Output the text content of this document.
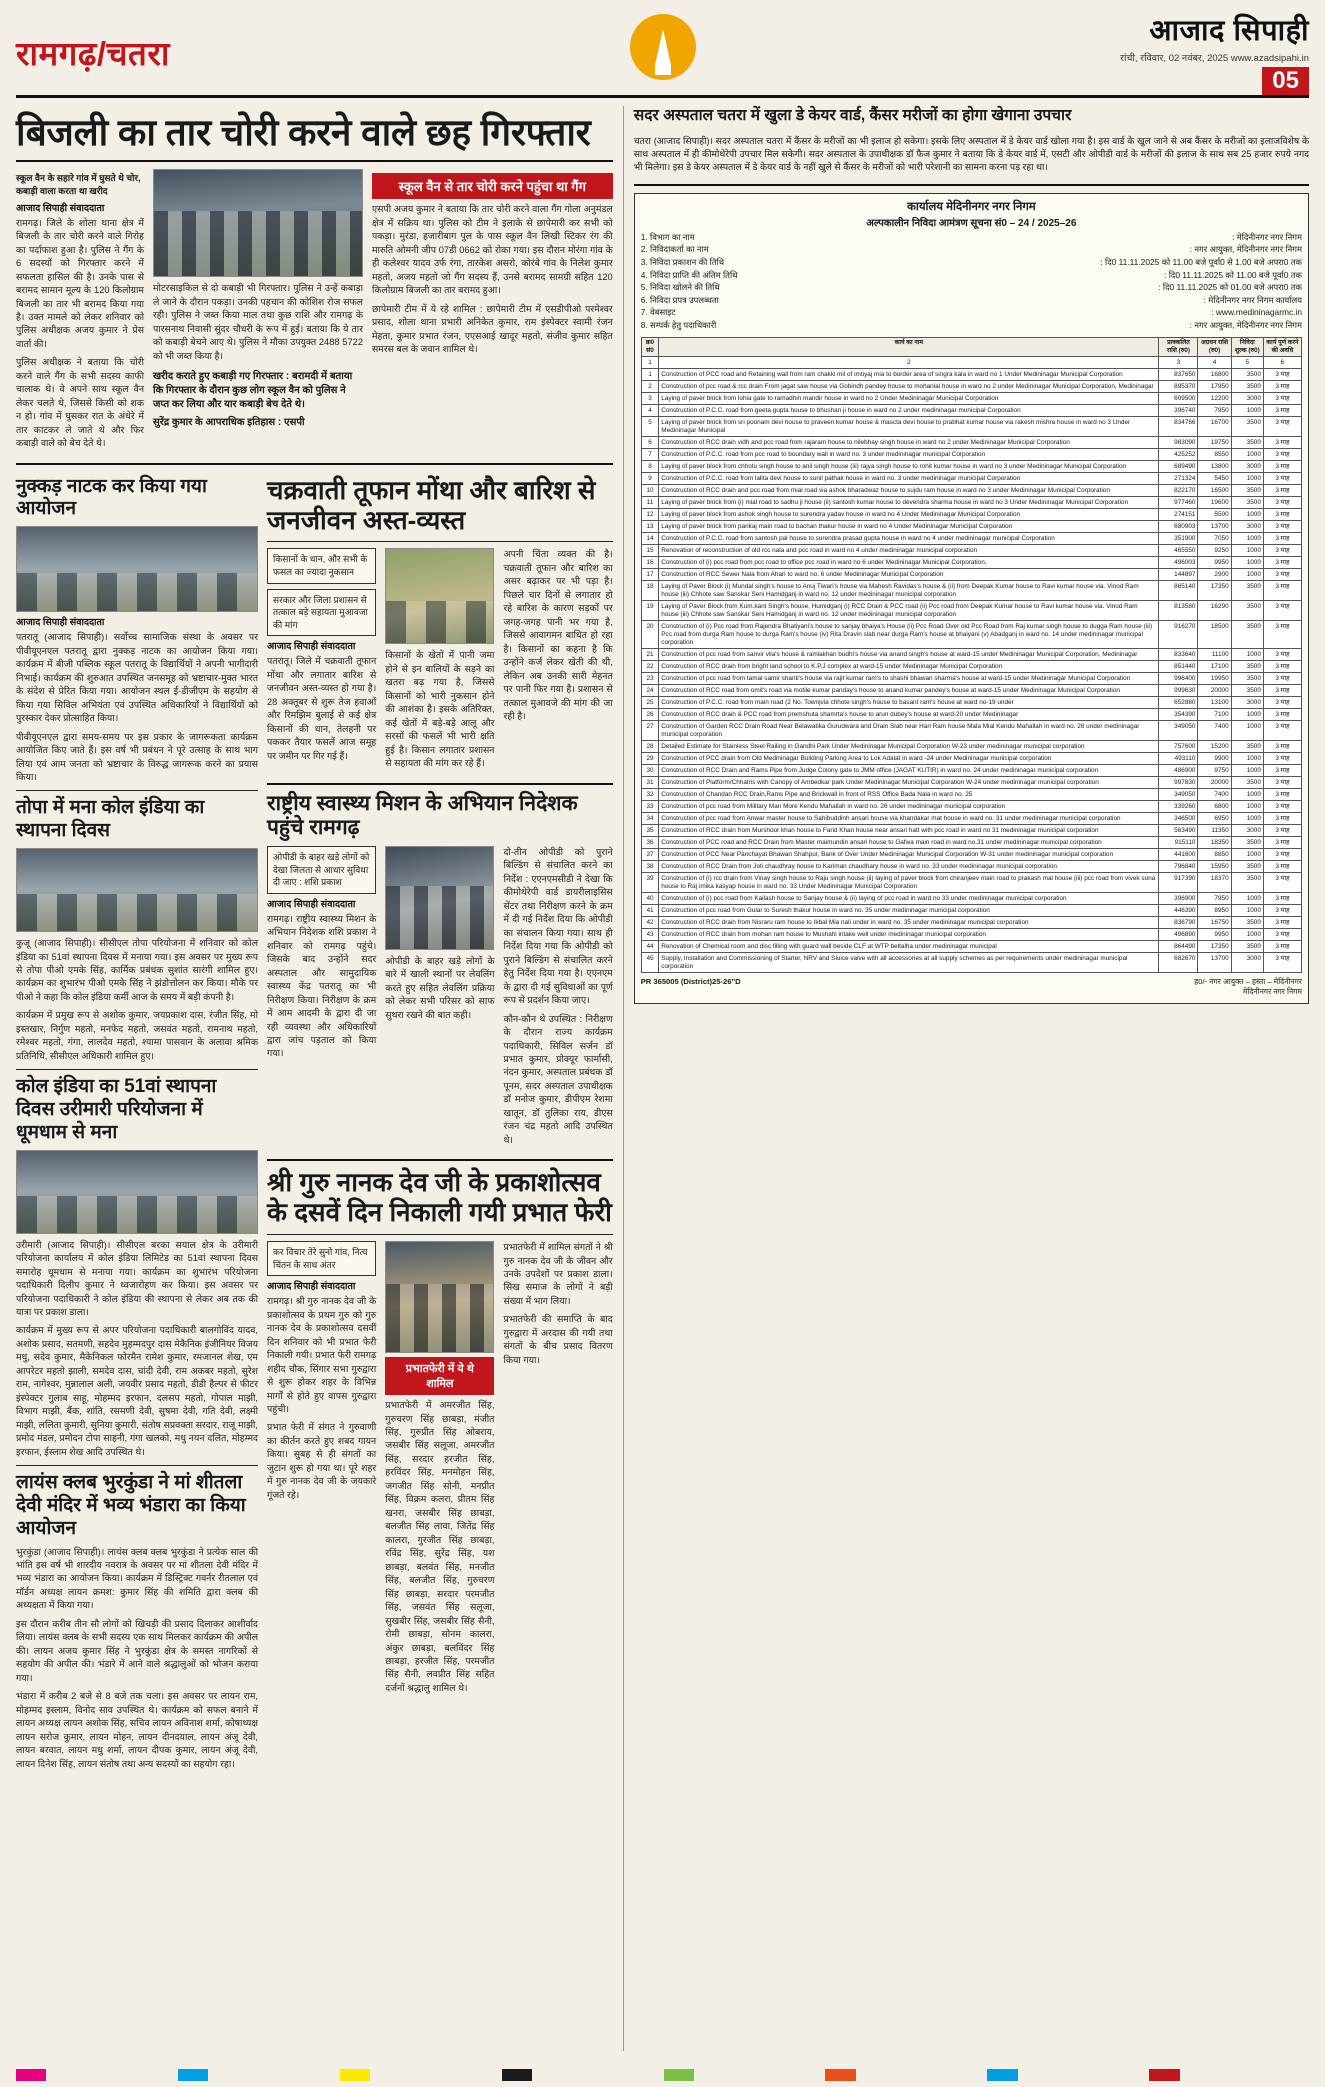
रामगढ़/चतरा
आजाद सिपाही
रांची, रविवार, 02 नवंबर, 2025 www.azadsipahi.in
05
बिजली का तार चोरी करने वाले छह गिरफ्तार
स्कूल वैन के सहारे गांव में घुसते थे चोर, कबाड़ी वाला करता था खरीद
आजाद सिपाही संवाददाता

रामगढ़। जिले के शोला थाना क्षेत्र में बिजली के तार चोरी करने वाले गिरोह का पर्दाफाश हुआ है। पुलिस ने गैंग के 6 सदस्यों को गिरफ्तार करने में सफलता हासिल की है। उनके पास से बरामद सामान मूल्य के 120 किलोग्राम बिजली का तार भी बरामद किया गया है। उक्त मामले को लेकर शनिवार को पुलिस अधीक्षक अजय कुमार ने प्रेस वार्ता की।

पुलिस अधीक्षक ने बताया कि चोरी करने वाले गैंग के सभी सदस्य काफी चालाक थे। वे अपने साथ स्कूल वैन लेकर चलते थे, जिससे किसी को शक न हो। गांव में घुसकर रात के अंधेरे में तार काटकर ले जाते थे और फिर कबाड़ी वाले को बेच देते थे।

मोटरसाइकिल से दो कबाड़ी भी गिरफ्तार। पुलिस ने उन्हें कबाड़ा ले जाने के दौरान पकड़ा। उनकी पहचान की कोशिश रोज सफल रही। पुलिस ने जब्त किया माल तथा कुछ राशि और रामगढ़ के पारसनाथ निवासी सुंदर चौधरी के रूप में हुई। बताया कि ये तार को कबाड़ी बेचने आए थे। पुलिस ने मौका उपयुक्त 2488 5722 को भी जब्त किया है।

खरीद कराते हुए कबाड़ी गए गिरफ्तार : बरामदी में बताया कि गिरफ्तार के दौरान कुछ लोग स्कूल वैन को पुलिस ने जप्त कर लिया और यार कबाड़ी बेच देते थे।
सुरेंद्र कुमार के आपराधिक इतिहास : एसपी
स्कूल वैन से तार चोरी करने पहुंचा था गैंग

एसपी अजय कुमार ने बताया कि तार चोरी करने वाला गैंग गोला अनुमंडल क्षेत्र में सक्रिय था। पुलिस को टीम ने इलाके से छापेमारी कर सभी को पकड़ा। मुरंडा, हजारीबाग पुल के पास स्कूल वैन लिखी स्टिकर रंग की मारुति ओमनी जीप 07डी 0662 को रोका गया। इस दौरान मोरंगा गांव के ही कलेश्वर यादव उर्फ रंगा, तारकेश असरो, कोरंबे गांव के निलेश कुमार महतो, अजय महतो जो गैंग सदस्य हैं, उनसे बरामद सामग्री सहित 120 किलोग्राम बिजली का तार बरामद हुआ।

छापेमारी टीम में ये रहे शामिल : छापेमारी टीम में एसडीपीओ परमेश्वर प्रसाद, शोला थाना प्रभारी अनिकेत कुमार, राम इंस्पेक्टर स्वामी रंजन मेहता, कुमार प्रभात रंजन, एएसआई खादूर महतो, संजीव कुमार सहित समरस बल के जवान शामिल थे।

नुक्कड़ नाटक कर किया गया आयोजन
आजाद सिपाही संवाददाता

पतरातू (आजाद सिपाही)। सर्वोच्च सामाजिक संस्था के अवसर पर पीवीयूएनएल पतरातू द्वारा नुक्कड़ नाटक का आयोजन किया गया। कार्यक्रम में बीजी पब्लिक स्कूल पतरातू के विद्यार्थियों ने अपनी भागीदारी निभाई। कार्यक्रम की शुरुआत उपस्थित जनसमूह को भ्रष्टाचार-मुक्त भारत के संदेश से प्रेरित किया गया। आयोजन स्थल ई-डीजीएम के सहयोग से किया गया सिविल अभियंता एवं उपस्थित अधिकारियों ने विद्यार्थियों को पुरस्कार देकर प्रोत्साहित किया।

पीवीयूएनएल द्वारा समय-समय पर इस प्रकार के जागरूकता कार्यक्रम आयोजित किए जाते हैं। इस वर्ष भी प्रबंधन ने पूरे उत्साह के साथ भाग लिया एवं आम जनता को भ्रष्टाचार के विरुद्ध जागरूक करने का प्रयास किया।

तोपा में मना कोल इंडिया का स्थापना दिवस

कुजू (आजाद सिपाही)। सीसीएल तोपा परियोजना में शनिवार को कोल इंडिया का 51वां स्थापना दिवस में मनाया गया। इस अवसर पर मुख्य रूप से तोपा पीओ एमके सिंह, कार्मिक प्रबंधक सुशांत सारंगी शामिल हुए। कार्यक्रम का शुभारंभ पीओ एमके सिंह ने झंडोत्तोलन कर किया। मौके पर पीओ ने कहा कि कोल इंडिया कर्मी आज के समय में बड़ी कंपनी है।

कार्यक्रम में प्रमुख रूप से अशोक कुमार, जयप्रकाश दास, रंजीत सिंह, मो इस्तखार, निर्गुण महतो, मनफेद महतो, जसवंत महतो, रामनाथ महतो, रमेश्वर महतो, गंगा, लालदेव महतो, श्यामा पासवान के अलावा श्रमिक प्रतिनिधि, सीसीएल अधिकारी शामिल हुए।

कोल इंडिया का 51वां स्थापना दिवस उरीमारी परियोजना में धूमधाम से मना

उरीमारी (आजाद सिपाही)। सीसीएल बरका सयाल क्षेत्र के उरीमारी परियोजना कार्यालय में कोल इंडिया लिमिटेड का 51वां स्थापना दिवस समारोह धूमधाम से मनाया गया। कार्यक्रम का शुभारंभ परियोजना पदाधिकारी दिलीप कुमार ने ध्वजारोहण कर किया। इस अवसर पर परियोजना पदाधिकारी ने कोल इंडिया की स्थापना से लेकर अब तक की यात्रा पर प्रकाश डाला।

कार्यक्रम में मुख्य रूप से अपर परियोजना पदाधिकारी बालगोविंद यादव, अशोक प्रसाद, सतमणी, सहदेव मुहम्मदपुर दास मेकैनिक इंजीनियर विजय मधु, सदेव कुमार, मैकेनिकल फोरमैन रामेश कुमार, रमजानल शेख, एम आपरेटर महतो झाली, समदेव दास, चांदी देवी, राम अकबर महतो, सुरेश राम, नागेश्वर, मुन्नालाल अली, जयवीर प्रसाद महतो, डीडी हैल्पर से फीटर इंस्पेक्टर गुलाब साहू, मोहम्मद इरफान, दलसप महतो, गोपाल माझी, विभाग माझी, बैंक, शांति, रसमणी देवी, सुषमा देवी, गति देवी, लक्ष्मी माझी, ललिता कुमारी, सुनिया कुमारी, संतोष सप्रवक्ता सरदार, राजू माझी, प्रमोद मंडल, प्रमोदन टोपा साहनी, गंगा खलको, मधु नयन दलित, मोहम्मद इरफान, ईस्लाम शेख आदि उपस्थित थे।

लायंस क्लब भुरकुंडा ने मां शीतला देवी मंदिर में भव्य भंडारा का किया आयोजन

भुरकुंडा (आजाद सिपाही)। लायंस क्लब क्लब भुरकुंडा ने प्रत्येक साल की भांति इस वर्ष भी शारदीय नवरात्र के अवसर पर मां शीतला देवी मंदिर में भव्य भंडारा का आयोजन किया। कार्यक्रम में डिस्ट्रिक्ट गवर्नर रीतलाल एवं मॉर्डन अध्यक्ष लायन क्रमश: कुमार सिंह की शमिति द्वारा क्लब की अध्यक्षता में किया गया।

इस दौरान करीब तीन सौ लोगों को खिचड़ी की प्रसाद दिलाकर आशीर्वाद लिया। लायंस क्लब के सभी सदस्य एक साथ मिलकर कार्यक्रम की अपील की। लायन अजय कुमार सिंह ने भुरकुंडा क्षेत्र के समस्त नागरिकों से सहयोग की अपील की। भंडारे में आने वाले श्रद्धालुओं को भोजन कराया गया।

भंडारा में करीब 2 बजे से 8 बजे तक चला। इस अवसर पर लायन राम, मोहम्मद इस्लाम, विनोद साव उपस्थित थे। कार्यक्रम को सफल बनाने में लायन अध्यक्ष लायन अशोक सिंह, सचिव लायन अविनाश शर्मा, कोषाध्यक्ष लायन सरोज कुमार, लायन मोहन, लायन दीनदयाल, लायन अंजू देवी, लायन बरवात, लायन मधु शर्मा, लायन दीपक कुमार, लायन अंजू देवी, लायन दिनेश सिंह, लायन संतोष तथा अन्य सदस्यों का सहयोग रहा।

चक्रवाती तूफान मोंथा और बारिश से जनजीवन अस्त-व्यस्त
किसानों के धान, और सभी के फसल का ज्यादा नुकसान
सरकार और जिला प्रशासन से तत्काल बड़े सहायता मुआवजा की मांग
आजाद सिपाही संवाददाता

पतरातू। जिले में चक्रवाती तूफान मोंथा और लगातार बारिश से जनजीवन अस्त-व्यस्त हो गया है। 28 अक्तूबर से शुरू तेज हवाओं और रिमझिम बुलाई से कई क्षेत्र किसानों की धान, तेलहनी पर पककर तैयार फसलें आज समूह पर जमीन पर गिर गई हैं।

किसानों के खेतों में पानी जमा होने से इन बालियों के सड़ने का खतरा बढ़ गया है, जिससे किसानों को भारी नुकसान होने की आशंका है। इसके अतिरिक्त, कई खेतों में बड़े-बड़े आलू और सरसों की फसलें भी भारी क्षति हुई है। किसान लगातार प्रशासन से सहायता की मांग कर रहे हैं।

अपनी चिंता व्यक्त की है। चक्रवाती तूफान और बारिश का असर बढ़ाकर पर भी पड़ा है। पिछले चार दिनों से लगातार हो रहे बारिश के कारण सड़कों पर जगह-जगह पानी भर गया है, जिससे आवागमन बाधित हो रहा है। किसानों का कहना है कि उन्होंने कर्ज लेकर खेती की थी, लेकिन अब उनकी सारी मेहनत पर पानी फिर गया है। प्रशासन से तत्काल मुआवजे की मांग की जा रही है।

राष्ट्रीय स्वास्थ्य मिशन के अभियान निदेशक पहुंचे रामगढ़
ओपीडी के बाहर खड़े लोगों को देखा जिलता से आधार सुविधा दी जाए : शशि प्रकाश
आजाद सिपाही संवाददाता

रामगढ़। राष्ट्रीय स्वास्थ्य मिशन के अभियान निदेशक शशि प्रकाश ने शनिवार को रामगढ़ पहुंचे। जिसके बाद उन्होंने सदर अस्पताल और सामुदायिक स्वास्थ्य केंद्र पतरातू का भी निरीक्षण किया। निरीक्षण के क्रम में आम आदमी के द्वारा दी जा रही व्यवस्था और अधिकारियों द्वारा जांच पड़ताल को किया गया।

ओपीडी के बाहर खड़े लोगों के बारे में खाली स्थानों पर लेवलिंग करते हुए सहित लेवलिंग प्रक्रिया को लेकर सभी परिसर को साफ सुथरा रखने की बात कही।

दो-तीन ओपीडी को पुराने बिल्डिंग से संचालित करने का निर्देश : एएनएमसीडी ने देखा कि कीमोथेरेपी वार्ड डायरीलाइसिस सेंटर तथा निरीक्षण करने के क्रम में दी गई निर्देश दिया कि ओपीडी का संचालन किया गया। साथ ही निर्देश दिया गया कि ओपीडी को पुराने बिल्डिंग से संचालित करने हेतु निर्देश दिया गया है। एएनएम के द्वारा दी गई सुविधाओं का पूर्ण रूप से प्रदर्शन किया जाए।

कौन-कौन थे उपस्थित : निरीक्षण के दौरान राज्य कार्यक्रम पदाधिकारी, सिविल सर्जन डॉ प्रभात कुमार, प्रोक्यूर फार्मासी, नंदन कुमार, अस्पताल प्रबंधक डॉ पूनम, सदर अस्पताल उपाधीक्षक डॉ मनोज कुमार, डीपीएम रेशमा खातून, डॉ तुलिका राय, डीएस रंजन चंद्र महतो आदि उपस्थित थे।

श्री गुरु नानक देव जी के प्रकाशोत्सव के दसवें दिन निकाली गयी प्रभात फेरी
कर विचार तेरे सुनो गांव, नित्य चिंतन के साथ अंतर
आजाद सिपाही संवाददाता

रामगढ़। श्री गुरु नानक देव जी के प्रकाशोत्सव के प्रथम गुरु को गुरु नानक देव के प्रकाशोत्सव दसवीं दिन शनिवार को भी प्रभात फेरी निकाली गयी। प्रभात फेरी रामगढ़ शहीद चौक, सिंगार सभा गुरुद्वारा से शुरू होकर शहर के विभिन्न मार्गों से होते हुए वापस गुरुद्वारा पहुंची।

प्रभात फेरी में संगत ने गुरुवाणी का कीर्तन करते हुए शबद गायन किया। सुबह से ही संगतों का जुटान शुरू हो गया था। पूरे शहर में गुरु नानक देव जी के जयकारे गूंजते रहे।

प्रभातफेरी में ये थे शामिल

प्रभातफेरी में अमरजीत सिंह, गुरुचरण सिंह छाबड़ा, मंजीत सिंह, गुरुप्रीत सिंह ओबराय, जसबीर सिंह सलूजा, अमरजीत सिंह, सरदार हरजीत सिंह, हरविंदर सिंह, मनमोहन सिंह, जगजीत सिंह सोनी, मनप्रीत सिंह, विक्रम कलरा, प्रीतम सिंह खनरा, जसबीर सिंह छाबड़ा, बलजीत सिंह लावा, जितेंद्र सिंह कालरा, गुरजीत सिंह छाबड़ा, रविंद्र सिंह, सुरेंद्र सिंह, यश छाबड़ा, बलवंत सिंह, मनजीत सिंह, बलजीत सिंह, गुरुचरण सिंह छाबड़ा, सरदार परमजीत सिंह, जसवंत सिंह सलूजा, सुखबीर सिंह, जसबीर सिंह सैनी, रोमी छाबड़ा, सोनम कालरा, अंकुर छाबड़ा, बलविंदर सिंह छाबड़ा, हरजीत सिंह, परमजीत सिंह सैनी, लवप्रीत सिंह सहित दर्जनों श्रद्धालु शामिल थे।

प्रभातफेरी में शामिल संगतों ने श्री गुरु नानक देव जी के जीवन और उनके उपदेशों पर प्रकाश डाला। सिख समाज के लोगों ने बड़ी संख्या में भाग लिया।

प्रभातफेरी की समाप्ति के बाद गुरुद्वारा में अरदास की गयी तथा संगतों के बीच प्रसाद वितरण किया गया।

सदर अस्पताल चतरा में खुला डे केयर वार्ड, कैंसर मरीजों का होगा खेगाना उपचार

चतरा (आजाद सिपाही)। सदर अस्पताल चतरा में कैंसर के मरीजों का भी इलाज हो सकेगा। इसके लिए अस्पताल में डे केयर वार्ड खोला गया है। इस वार्ड के खुल जाने से अब कैंसर के मरीजों का इलाजविशेष के साथ अस्पताल में ही कीमोथेरेपी उपचार मिल सकेगी। सदर अस्पताल के उपाधीक्षक डॉ फैज कुमार ने बताया कि डे केयर वार्ड में, एसटी और ओपीडी वार्ड के मरीजों की इलाज के साथ सब 25 हजार रुपये नगद भी मिलेगा। इस डे केयर अस्पताल में डे केयर वार्ड के नहीं खुले से कैंसर के मरीजों को भारी परेशानी का सामना करना पड़ रहा था।

कार्यालय मेदिनीनगर नगर निगम
अल्पकालीन निविदा आमंत्रण सूचना सं0 – 24 / 2025–26
1. विभाग का नाम	: मेदिनीनगर नगर निगम
2. निविदाकर्ता का नाम	: नगर आयुक्त, मेदिनीनगर नगर निगम
3. निविदा प्रकाशन की तिथि	: दि0 11.11.2025 को 11.00 बजे पूर्वा0 से 1.00 बजे अपरा0 तक
4. निविदा प्राप्ति की अंतिम तिथि	: दि0 11.11.2025 को 11.00 बजे पूर्वा0 तक
5. निविदा खोलने की तिथि	: दि0 11.11.2025 को 01.00 बजे अपरा0 तक
6. निविदा प्रपत्र उपलब्धता	: मेदिनीनगर नगर निगम कार्यालय
7. वेबसाइट	: www.medininagarmc.in
8. सम्पर्क हेतु पदाधिकारी	: नगर आयुक्त, मेदिनीनगर नगर निगम
क्र0 सं0	कार्य का नाम	प्राक्कलित राशि (रु0)	अग्रधन राशि (रु0)	निविदा शुल्क (रु0)	कार्य पूर्ण करने की अवधि
1	2	3	4	5	6
1	Construction of PCC road and Retaining wall from ram chakki mil of imtiyaj mia to border area of singra kala in ward no 1 Under Medininagar Municipal Corporation	837650	16800	3500	3 माह
2	Construction of pcc road & rcc drain From jagat saw house via Gobindh pandey house to mohanlal house in ward no 2 under Medininagar Municipal Corporation, Medininagar	895370	17950	3500	3 माह
3	Laying of paver block from lohia gate to ramadhin mandir house in ward no 2 Under Medininagar Municipal Corporation	609500	12200	3000	3 माह
4	Construction of P.C.C. road from geeta gupta house to bhushan ji house in ward no 2 under medininagar municipal Corporation	396740	7950	1000	3 माह
5	Laying of paver block from sri poonam devi house to praveen kumar house & mascta devi house to prabhat kumar house via rakesh mishra house in ward no 3 Under Medininagar Municipal	834766	16700	3500	3 माह
6	Construction of RCC drain vidh and pcc road from rajaram house to nilebhay singh house in ward no 2 under Medininagar Municipal Corporation	983090	19750	3500	3 माह
7	Construction of P.C.C. road from pcc road to boundary wall in ward no. 3 under medininagar municipal Corporation	425252	8550	1000	3 माह
8	Laying of paver block from chhotu singh house to anil singh house (iii) rajya singh house to rohit kumar house in ward no 3 under Medininagar Municipal Corporation	689490	13800	3000	3 माह
9	Construction of P.C.C. road from lalita devi house to sunil pathak house in ward no. 3 under medininagar municipal Corporation	271324	5450	1000	3 माह
10	Construction of RCC drain and pcc road from mial road via ashok bharadwaz house to sujdu ram house in ward no 3 under Medininagar Municipal Corporation	822170	16500	3500	3 माह
11	Laying of paver block from (i) mial road to sadhu ji house (ii) santosh kumar house to devendra sharma house in ward no 3 Under Medininagar Municipal Corporation	977460	19600	3500	3 माह
12	Laying of paver block from ashok singh house to surendra yadav house in ward no 4 Under Medininagar Municipal Corporation	274151	5500	1000	3 माह
13	Laying of paver block from pankaj main road to bachan thakur house in ward no 4 Under Medininagar Municipal Corporation	680903	13700	3000	3 माह
14	Construction of P.C.C. road from santosh pal house to surendra prasad gupta house in ward no 4 under medininagar municipal Corporation	351900	7050	1000	3 माह
15	Renovation of reconstruction of old rcc nala and pcc road in ward no 4 under medininagar municipal corporation	465550	9250	1000	3 माह
16	Construction of (i) pcc road from pcc road to office pcc road in ward no 6 under Medininagar Municipal Corporation,	496003	9950	1000	3 माह
17	Construction of RCC Sewer Nala from Ahari to ward no. 6 under Medininagar Municipal Corporation	144897	2900	1000	3 माह
18	Laying of Paver Block (i) Mundal singh's house to Anuj Tiwari's house via Mahesh Ravidas's house & (ii) from Deepak Kumar house to Ravi kumar house via. Vinod Ram house (iii) Chhote saw Sanskar Seni Hamidganj in ward no. 12 under medininagar municipal corporation	865140	17350	3500	3 माह
19	Laying of Paver Block from Kum.kant Singh's house, Humidganj (i) RCC Drain & PCC road (ii) Pcc road from Deepak Kumar house to Ravi kumar house via. Vinod Ram house (iii) Chhote saw Sanskar Seni Hamidganj in ward no. 12 under medininagar municipal corporation	813580	16290	3500	3 माह
20	Construction of (i) Pcc road from Rajendra Bhatiyani's house to sanjay bhaiya's House (ii) Pcc Road Over old Pcc Road from Raj kumar singh house to dugga Ram house (iii) Pcc road from durga Ram house to durga Ram's house (iv) Rita Dravin slab near durga Ram's house at bhaiyani (v) Abadganj in ward no. 14 under medininagar municipal corporation	916270	18500	3500	3 माह
21	Construction of pcc road from sanvir vila's house & ramlakhan budhi's house via anand singh's house at ward-15 under Medininagar Municipal Corporation, Medininagar	833640	11100	1000	3 माह
22	Construction of RCC drain from bright land school to K.P.J complex at ward-15 under Medininagar Municipal Corporation	851440	17100	3500	3 माह
23	Construction of pcc road from tamal samir shanti's house via rajit kumar ram's to shashi bhawan sharma's house at ward-15 under Medininagar Municipal Corporation	996400	19950	3500	3 माह
24	Construction of RCC road from omit's road via motile kumar panday's house to anand kumar pandey's house at ward-15 under Medininagar Municipal Corporation	999630	20000	3500	3 माह
25	Construction of P.C.C. road from main road (2 No. Townjvia chhote singh's house to basant ram's house at ward no-19 under	652880	13100	3000	3 माह
26	Construction of RCC drain & PCC road from premshuta shamrta's house to arun dubey's house at ward-20 under Medininagar	354390	7100	1000	3 माह
27	Construction of Garden RCC Drain Road Near Belawatika Gurudwara and Drain Slab near Hari Ram house Mala Mial Kendu Mahallah in ward no. 26 under medininagar municipal corporation	349050	7400	1000	3 माह
28	Detailed Estimate for Stainless Steel Railing in Gandhi Park Under Medininagar Municipal Corporation W-23 under medininagar municipal corporation	757600	15200	3500	3 माह
29	Construction of PCC drain from Old Medininagar Building Parking Area to Lok Adalat in ward -24 under Medininagar municipal corporation	493110	9900	1000	3 माह
30	Construction of RCC Drain and Rams Pipe from Judge Colony gate to JMM office (JAGAT KUTIR) in ward no. 24 under medininagar municipal corporation	486900	9750	1000	3 माह
31	Construction of Platform/Chhatris with Canopy of Ambedkar park Under Medininagar Municipal Corporation W-24 under medininagar municipal corporation	997830	20000	3500	3 माह
32	Construction of Chandan RCC Drain,Rams Pipe and Brickwall in front of RSS Office Bada Nala in ward no. 25	349050	7400	1000	3 माह
33	Construction of pcc road from Military Man More Kendu Mahallah in ward no. 26 under medininagar municipal corporation	339260	6800	1000	3 माह
34	Construction of pcc road from Anwar master house to Sahibuddinh ansari house via khandakar mat house in ward no. 31 under medininagar municipal corporation	346500	6950	1000	3 माह
35	Construction of RCC drain from Murshoor khan house to Farid Khan house near ansari hatt with pcc road in ward no 31 medininagar municipal corporation	563490	11350	3000	3 माह
36	Construction of PCC road and RCC Drain from Master maimundin ansari house to Gafwa main road in ward no.31 under medininagar municipal corporation	915110	18350	3500	3 माह
37	Construction of PCC Near Panchayat Bhawan Shahpur, Bank of Over Under Medininagar Municipal Corporation W-31 under medininagar municipal corporation	441600	8850	1000	3 माह
38	Construction of RCC Drain from Joti chaudhray house to Kariman chaudhary house in ward no. 33 under medininagar municipal corporation	796840	15950	3500	3 माह
39	Construction of (i) rcc drain from Vinay singh house to Raju singh house (ii) laying of paver block from chiranjeev main road to prakash mal house (iii) pcc road from vivek sona house to Raj imika kasyap house in ward no. 33 Under Medininagar Municipal Corporation	917390	18370	3500	3 माह
40	Construction of (i) pcc road from Kailash house to Sanjay house & (ii) laying of pcc road in ward no 33 under medininagar municipal corporation	396900	7950	1000	3 माह
41	Construction of pcc road from Gular to Suresh thakur house in ward no. 35 under medininagar municipal corporation	446390	8950	1000	3 माह
42	Construction of RCC drain from Nisraru ram house to Ikbal Mia nali under in ward no. 35 under medininagar municipal corporation	836790	16750	3500	3 माह
43	Construction of RCC drain from mohan ram house to Mushahi intake well under medininagar municipal corporation	496890	9950	1000	3 माह
44	Renovation of Chemical room and disc filling with guard wall beside CLF at WTP beltalha under medininagar municipal	864490	17350	3500	3 माह
45	Supply, Installation and Commissioning of Starter, NRV and Sluice valve with all accessories at all supply schemes as per requirements under medininagar municipal corporation	682670	13700	3000	3 माह
PR 365005 (District)25-26"D	ह0/- नगर आयुक्त – हस्ता – मेदिनीनगर
मेदिनीनगर नगर निगम
